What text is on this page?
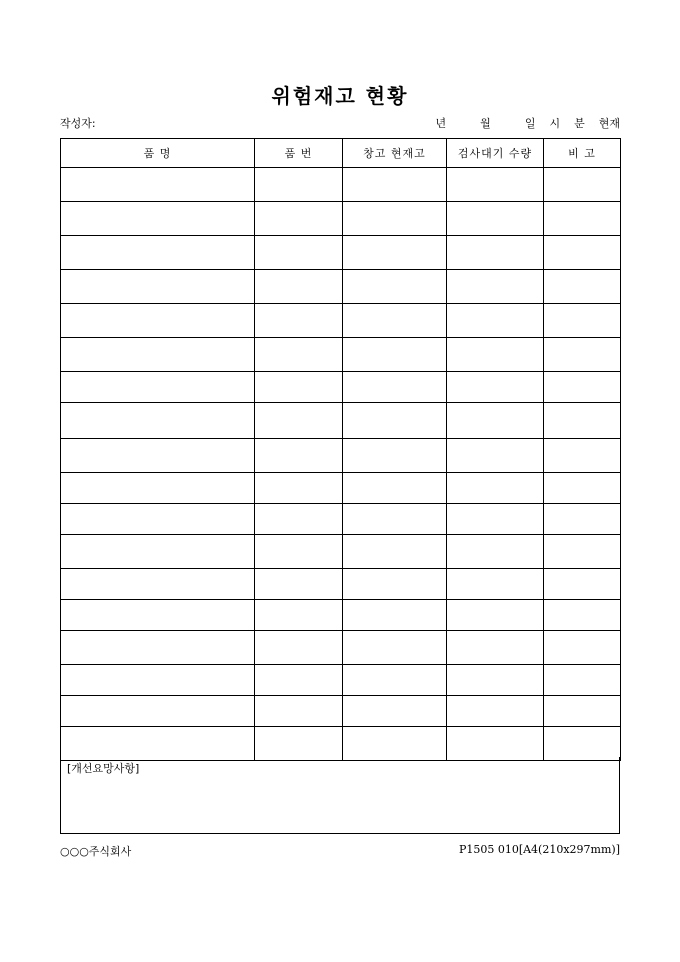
위험재고 현황
작성자:	년	월	일 시 분 현재
품 명	품 번	창고 현재고	검사대기 수량	비 고

[개선요망사항]
○○○주식회사	P1505 010[A4(210x297mm)]
